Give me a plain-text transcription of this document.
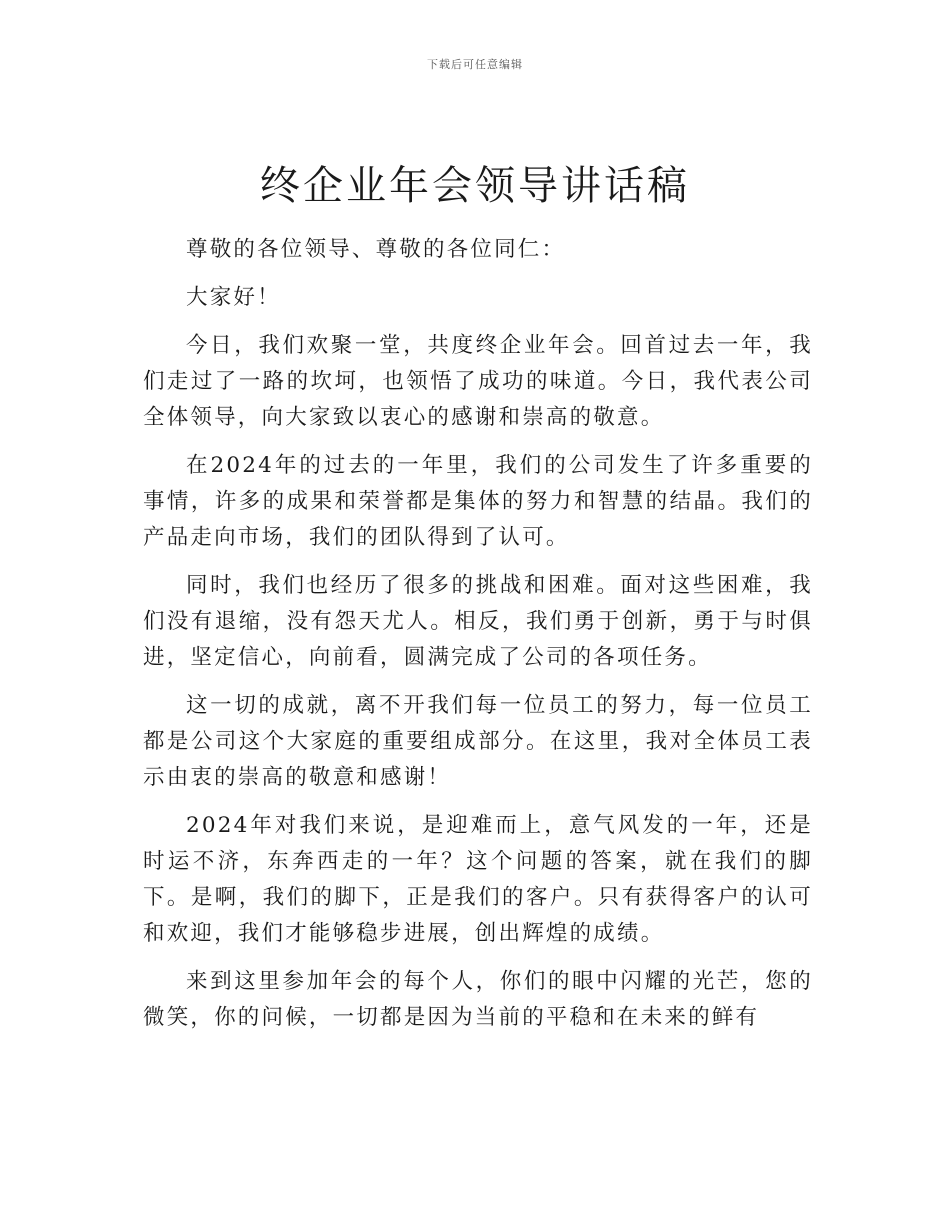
下载后可任意编辑
终企业年会领导讲话稿

尊敬的各位领导、尊敬的各位同仁：

大家好！

今日，我们欢聚一堂，共度终企业年会。回首过去一年，我们走过了一路的坎坷，也领悟了成功的味道。今日，我代表公司全体领导，向大家致以衷心的感谢和崇高的敬意。

在2024年的过去的一年里，我们的公司发生了许多重要的事情，许多的成果和荣誉都是集体的努力和智慧的结晶。我们的产品走向市场，我们的团队得到了认可。

同时，我们也经历了很多的挑战和困难。面对这些困难，我们没有退缩，没有怨天尤人。相反，我们勇于创新，勇于与时俱进，坚定信心，向前看，圆满完成了公司的各项任务。

这一切的成就，离不开我们每一位员工的努力，每一位员工都是公司这个大家庭的重要组成部分。在这里，我对全体员工表示由衷的崇高的敬意和感谢！

2024年对我们来说，是迎难而上，意气风发的一年，还是时运不济，东奔西走的一年？这个问题的答案，就在我们的脚下。是啊，我们的脚下，正是我们的客户。只有获得客户的认可和欢迎，我们才能够稳步进展，创出辉煌的成绩。

来到这里参加年会的每个人，你们的眼中闪耀的光芒，您的微笑，你的问候，一切都是因为当前的平稳和在未来的鲜有
